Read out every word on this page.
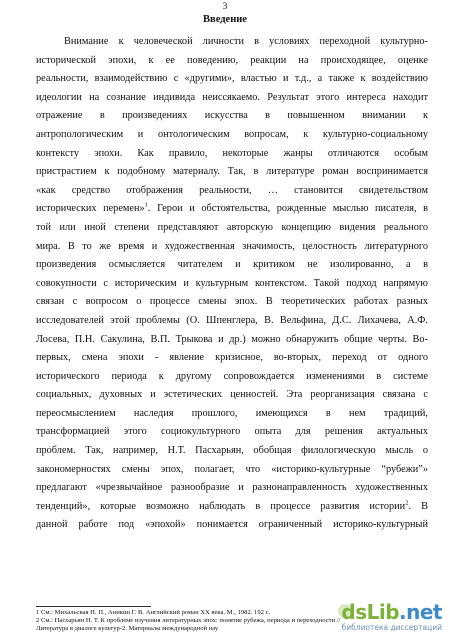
3
Введение
Внимание к человеческой личности в условиях переходной культурно-
исторической эпохи, к ее поведению, реакции на происходящее, оценке
реальности, взаимодействию с «другими», властью и т.д., а также к воздействию
идеологии на сознание индивида неиссякаемо. Результат этого интереса находит
отражение в произведениях искусства в повышенном внимании к
антропологическим и онтологическим вопросам, к культурно-социальному
контексту эпохи. Как правило, некоторые жанры отличаются особым
пристрастием к подобному материалу. Так, в литературе роман воспринимается
«как средство отображения реальности, … становится свидетельством
исторических перемен»$^1$. Герои и обстоятельства, рожденные мыслью писателя, в
той или иной степени представляют авторскую концепцию видения реального
мира. В то же время и художественная значимость, целостность литературного
произведения осмысляется читателем и критиком не изолированно, а в
совокупности с историческим и культурным контекстом. Такой подход напрямую
связан с вопросом о процессе смены эпох. В теоретических работах разных
исследователей этой проблемы (О. Шпенглера, В. Вельфина, Д.С. Лихачева, А.Ф.
Лосева, П.Н. Сакулина, В.П. Трыкова и др.) можно обнаружить общие черты. Во-
первых, смена эпохи - явление кризисное, во-вторых, переход от одного
исторического периода к другому сопровождается изменениями в системе
социальных, духовных и эстетических ценностей. Эта реорганизация связана с
переосмыслением наследия прошлого, имеющихся в нем традиций,
трансформацией этого социокультурного опыта для решения актуальных
проблем. Так, например, Н.Т. Пасхарьян, обобщая филологическую мысль о
закономерностях смены эпох, полагает, что «историко-культурные “рубежи”»
предлагают «чрезвычайное разнообразие и разнонаправленность художественных
тенденций», которые возможно наблюдать в процессе развития истории$^2$. В
данной работе под «эпохой» понимается ограниченный историко-культурный
1 См.: Михальская Н. П., Аникин Г. В. Английский роман XX века. М., 1982. 192 с.
2 См.: Пасхарьян Н. Т. К проблеме изучения литературных эпох: понятие рубежа, периода и переходности //
Литература в диалоге культур-2. Материалы международной нау
dsLib.net
библиотека диссертаций
